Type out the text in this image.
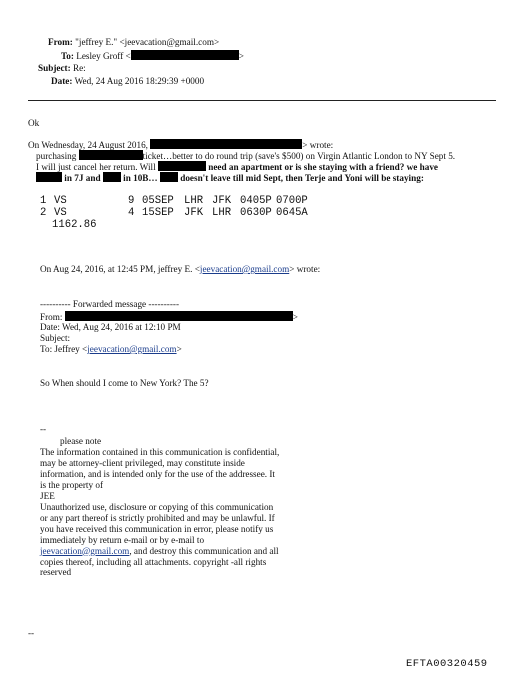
From: "jeffrey E." <jeevacation@gmail.com>
To: Lesley Groff <	>
Subject: Re:
Date: Wed, 24 Aug 2016 18:29:39 +0000
Ok
On Wednesday, 24 August 2016,	> wrote:
purchasing	ticket…better to do round trip (save's $500) on Virgin Atlantic London to NY Sept 5.
I will just cancel her return. Will	need an apartment or is she staying with a friend? we have
in 7J and in 10B… doesn't leave till mid Sept, then Terje and Yoni will be staying:
1 VS	9 05SEP LHR JFK 0405P 0700P
2 VS	4 15SEP JFK LHR 0630P 0645A
1162.86
On Aug 24, 2016, at 12:45 PM, jeffrey E. <jeevacation@gmail.com> wrote:
---------- Forwarded message ----------
From:	>
Date: Wed, Aug 24, 2016 at 12:10 PM
Subject:
To: Jeffrey <jeevacation@gmail.com>
So When should I come to New York? The 5?
--
please note
The information contained in this communication is confidential, may be attorney-client privileged, may constitute inside information, and is intended only for the use of the addressee. It is the property of
JEE
Unauthorized use, disclosure or copying of this communication or any part thereof is strictly prohibited and may be unlawful. If you have received this communication in error, please notify us immediately by return e-mail or by e-mail to jeevacation@gmail.com, and destroy this communication and all copies thereof, including all attachments. copyright -all rights reserved
--
EFTA00320459
